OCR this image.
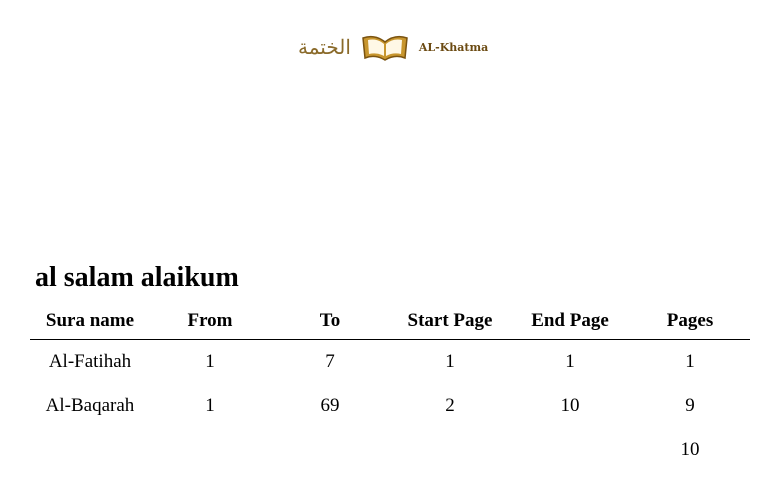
الختمة	AL-Khatma
al salam alaikum
Sura name	From	To	Start Page	End Page	Pages
Al-Fatihah	1	7	1	1	1
Al-Baqarah	1	69	2	10	9
					10
